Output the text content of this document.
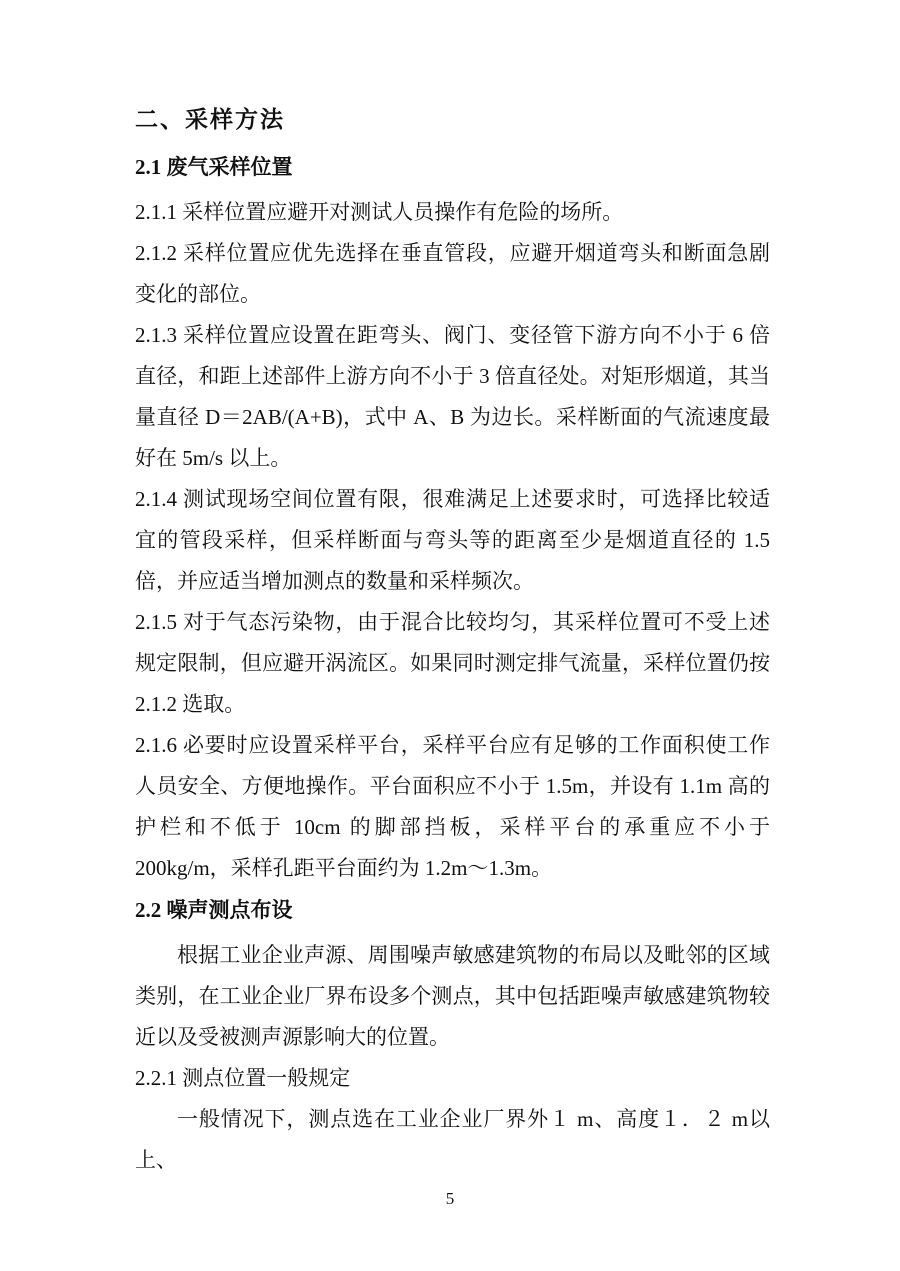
二、采样方法
2.1 废气采样位置

2.1.1 采样位置应避开对测试人员操作有危险的场所。

2.1.2 采样位置应优先选择在垂直管段，应避开烟道弯头和断面急剧变化的部位。

2.1.3 采样位置应设置在距弯头、阀门、变径管下游方向不小于 6 倍直径，和距上述部件上游方向不小于 3 倍直径处。对矩形烟道，其当量直径 D＝2AB/(A+B)，式中 A、B 为边长。采样断面的气流速度最好在 5m/s 以上。

2.1.4 测试现场空间位置有限，很难满足上述要求时，可选择比较适宜的管段采样，但采样断面与弯头等的距离至少是烟道直径的 1.5 倍，并应适当增加测点的数量和采样频次。

2.1.5 对于气态污染物，由于混合比较均匀，其采样位置可不受上述规定限制，但应避开涡流区。如果同时测定排气流量，采样位置仍按 2.1.2 选取。

2.1.6 必要时应设置采样平台，采样平台应有足够的工作面积使工作人员安全、方便地操作。平台面积应不小于 1.5m，并设有 1.1m 高的护栏和不低于 10cm 的脚部挡板，采样平台的承重应不小于 200kg/m，采样孔距平台面约为 1.2m～1.3m。

2.2 噪声测点布设

根据工业企业声源、周围噪声敏感建筑物的布局以及毗邻的区域类别，在工业企业厂界布设多个测点，其中包括距噪声敏感建筑物较近以及受被测声源影响大的位置。

2.2.1 测点位置一般规定

一般情况下，测点选在工业企业厂界外１ m、高度１．２ m以上、

5
